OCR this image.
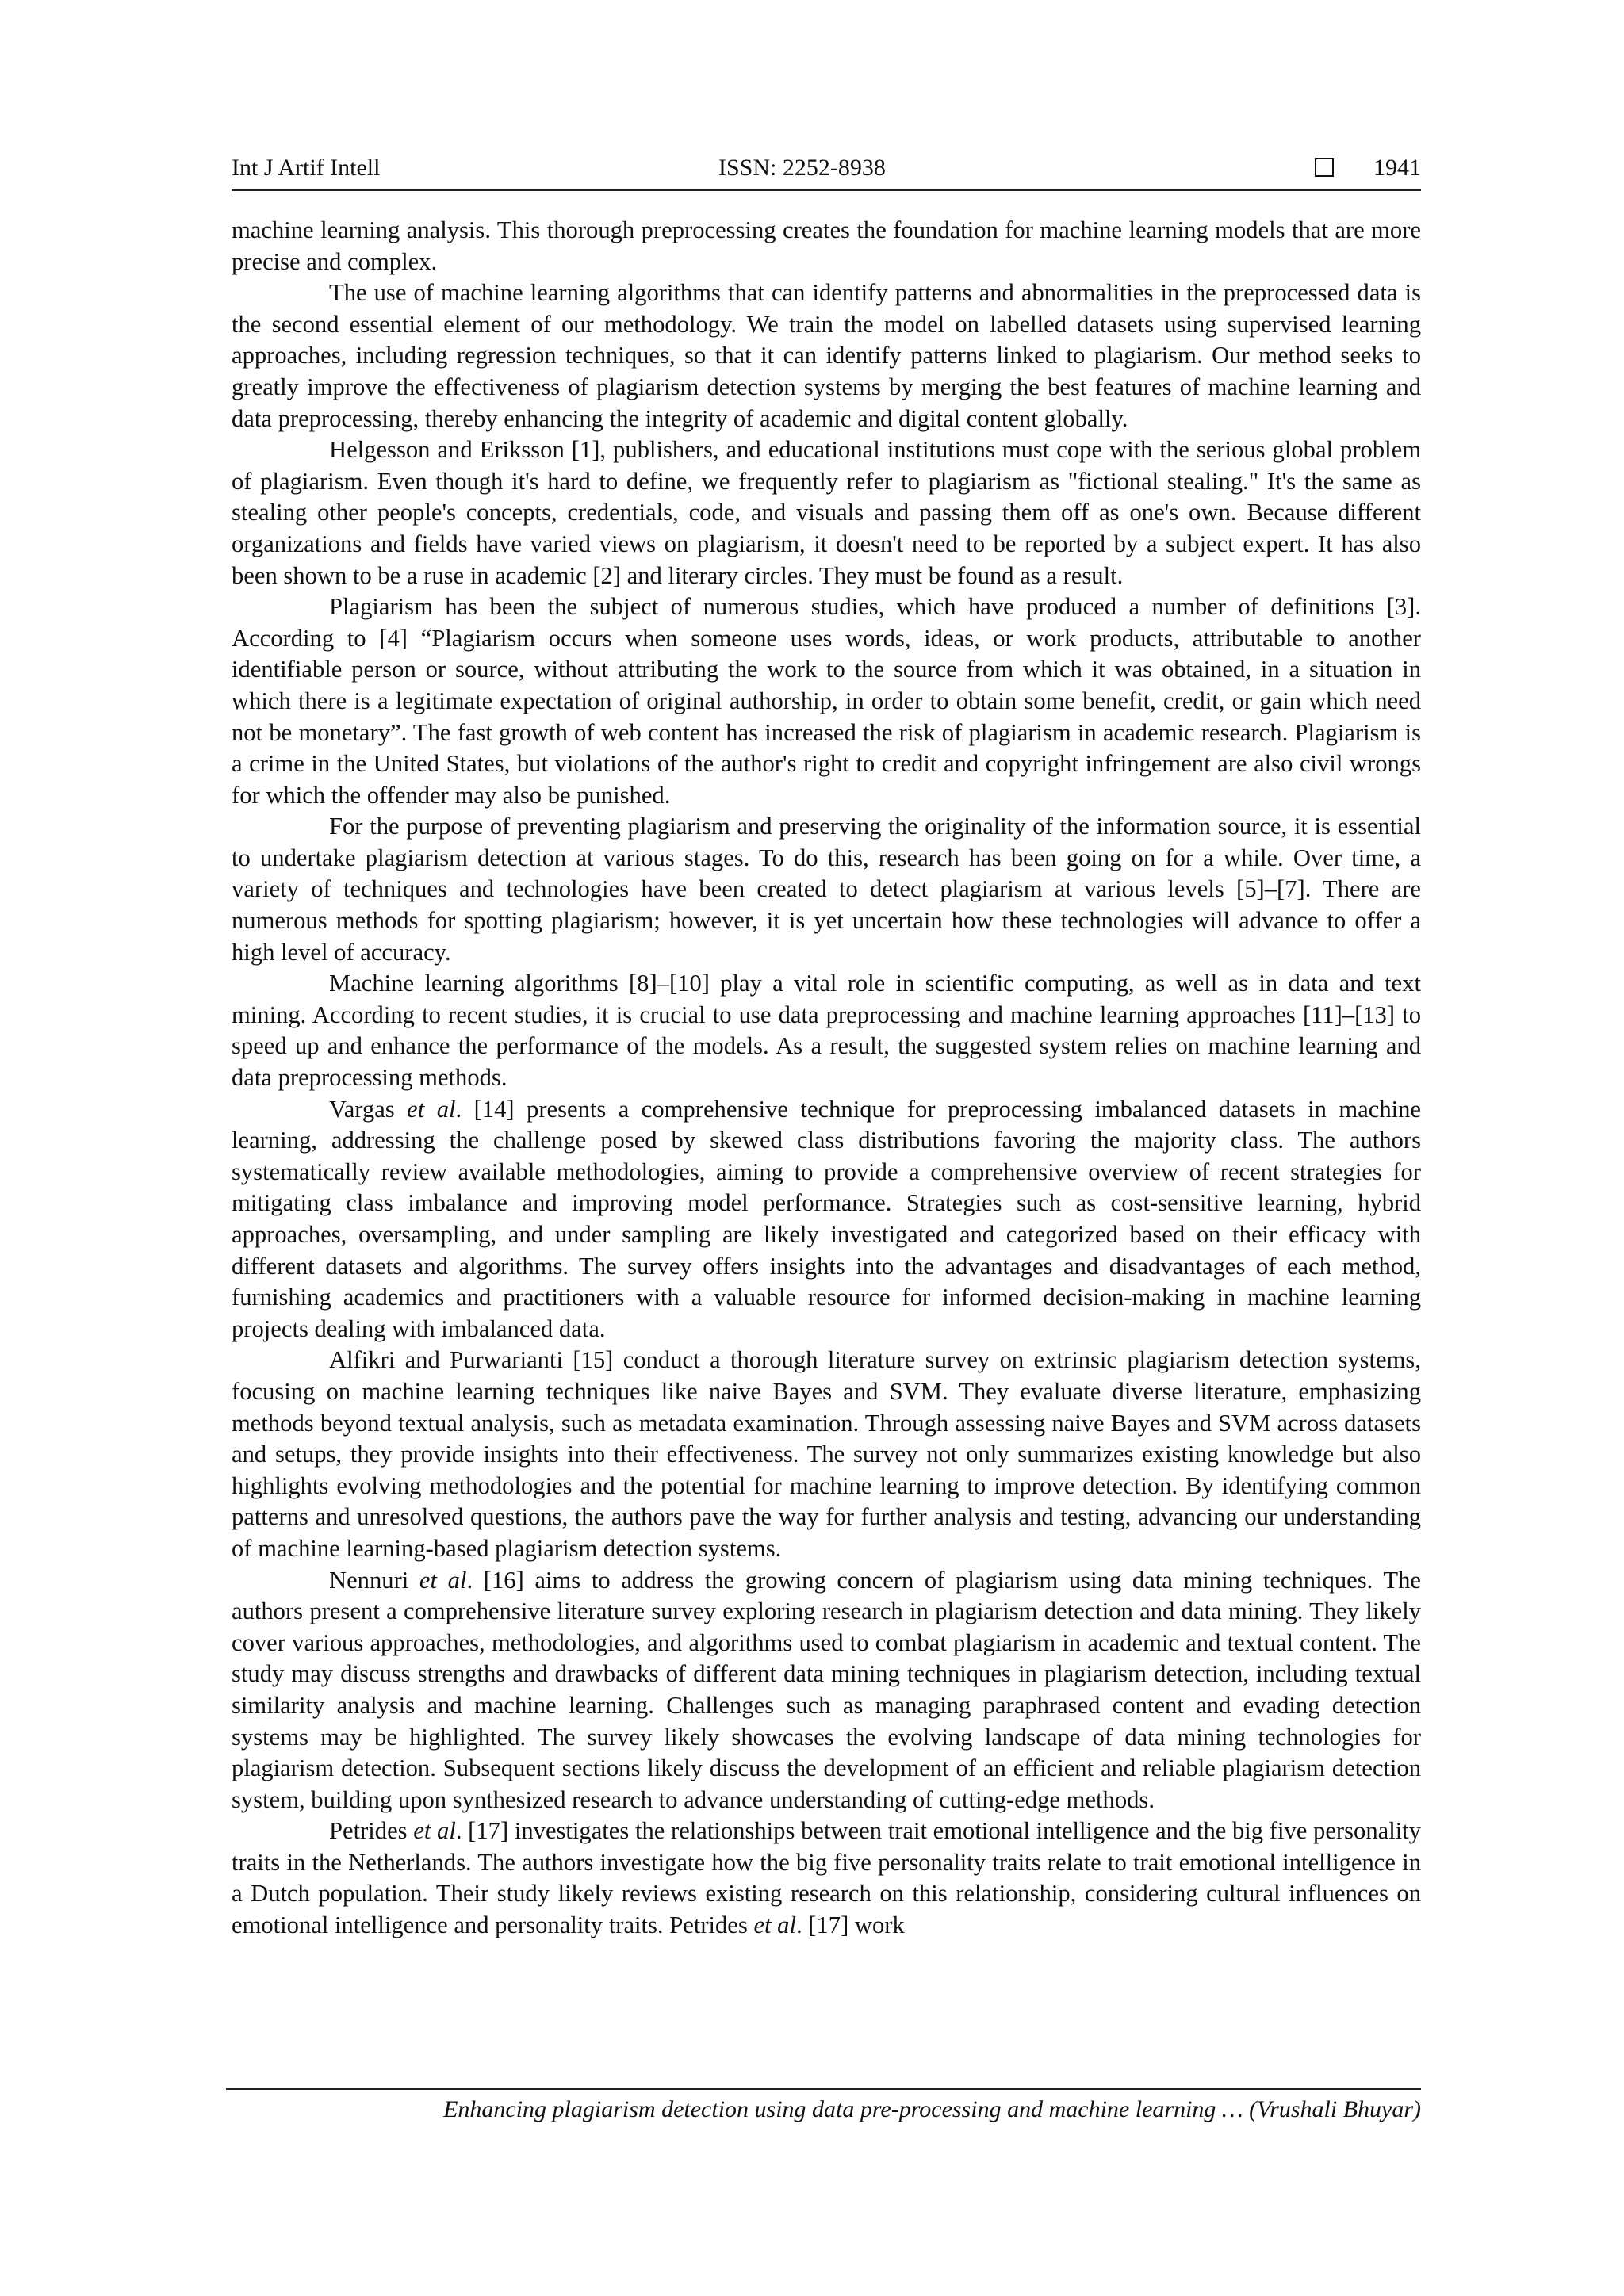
Int J Artif Intell	ISSN: 2252-8938	1941

machine learning analysis. This thorough preprocessing creates the foundation for machine learning models that are more precise and complex.

The use of machine learning algorithms that can identify patterns and abnormalities in the preprocessed data is the second essential element of our methodology. We train the model on labelled datasets using supervised learning approaches, including regression techniques, so that it can identify patterns linked to plagiarism. Our method seeks to greatly improve the effectiveness of plagiarism detection systems by merging the best features of machine learning and data preprocessing, thereby enhancing the integrity of academic and digital content globally.

Helgesson and Eriksson [1], publishers, and educational institutions must cope with the serious global problem of plagiarism. Even though it's hard to define, we frequently refer to plagiarism as "fictional stealing." It's the same as stealing other people's concepts, credentials, code, and visuals and passing them off as one's own. Because different organizations and fields have varied views on plagiarism, it doesn't need to be reported by a subject expert. It has also been shown to be a ruse in academic [2] and literary circles. They must be found as a result.

Plagiarism has been the subject of numerous studies, which have produced a number of definitions [3]. According to [4] “Plagiarism occurs when someone uses words, ideas, or work products, attributable to another identifiable person or source, without attributing the work to the source from which it was obtained, in a situation in which there is a legitimate expectation of original authorship, in order to obtain some benefit, credit, or gain which need not be monetary”. The fast growth of web content has increased the risk of plagiarism in academic research. Plagiarism is a crime in the United States, but violations of the author's right to credit and copyright infringement are also civil wrongs for which the offender may also be punished.

For the purpose of preventing plagiarism and preserving the originality of the information source, it is essential to undertake plagiarism detection at various stages. To do this, research has been going on for a while. Over time, a variety of techniques and technologies have been created to detect plagiarism at various levels [5]–[7]. There are numerous methods for spotting plagiarism; however, it is yet uncertain how these technologies will advance to offer a high level of accuracy.

Machine learning algorithms [8]–[10] play a vital role in scientific computing, as well as in data and text mining. According to recent studies, it is crucial to use data preprocessing and machine learning approaches [11]–[13] to speed up and enhance the performance of the models. As a result, the suggested system relies on machine learning and data preprocessing methods.

Vargas et al. [14] presents a comprehensive technique for preprocessing imbalanced datasets in machine learning, addressing the challenge posed by skewed class distributions favoring the majority class. The authors systematically review available methodologies, aiming to provide a comprehensive overview of recent strategies for mitigating class imbalance and improving model performance. Strategies such as cost-sensitive learning, hybrid approaches, oversampling, and under sampling are likely investigated and categorized based on their efficacy with different datasets and algorithms. The survey offers insights into the advantages and disadvantages of each method, furnishing academics and practitioners with a valuable resource for informed decision-making in machine learning projects dealing with imbalanced data.

Alfikri and Purwarianti [15] conduct a thorough literature survey on extrinsic plagiarism detection systems, focusing on machine learning techniques like naive Bayes and SVM. They evaluate diverse literature, emphasizing methods beyond textual analysis, such as metadata examination. Through assessing naive Bayes and SVM across datasets and setups, they provide insights into their effectiveness. The survey not only summarizes existing knowledge but also highlights evolving methodologies and the potential for machine learning to improve detection. By identifying common patterns and unresolved questions, the authors pave the way for further analysis and testing, advancing our understanding of machine learning-based plagiarism detection systems.

Nennuri et al. [16] aims to address the growing concern of plagiarism using data mining techniques. The authors present a comprehensive literature survey exploring research in plagiarism detection and data mining. They likely cover various approaches, methodologies, and algorithms used to combat plagiarism in academic and textual content. The study may discuss strengths and drawbacks of different data mining techniques in plagiarism detection, including textual similarity analysis and machine learning. Challenges such as managing paraphrased content and evading detection systems may be highlighted. The survey likely showcases the evolving landscape of data mining technologies for plagiarism detection. Subsequent sections likely discuss the development of an efficient and reliable plagiarism detection system, building upon synthesized research to advance understanding of cutting-edge methods.

Petrides et al. [17] investigates the relationships between trait emotional intelligence and the big five personality traits in the Netherlands. The authors investigate how the big five personality traits relate to trait emotional intelligence in a Dutch population. Their study likely reviews existing research on this relationship, considering cultural influences on emotional intelligence and personality traits. Petrides et al. [17] work

Enhancing plagiarism detection using data pre-processing and machine learning … (Vrushali Bhuyar)
